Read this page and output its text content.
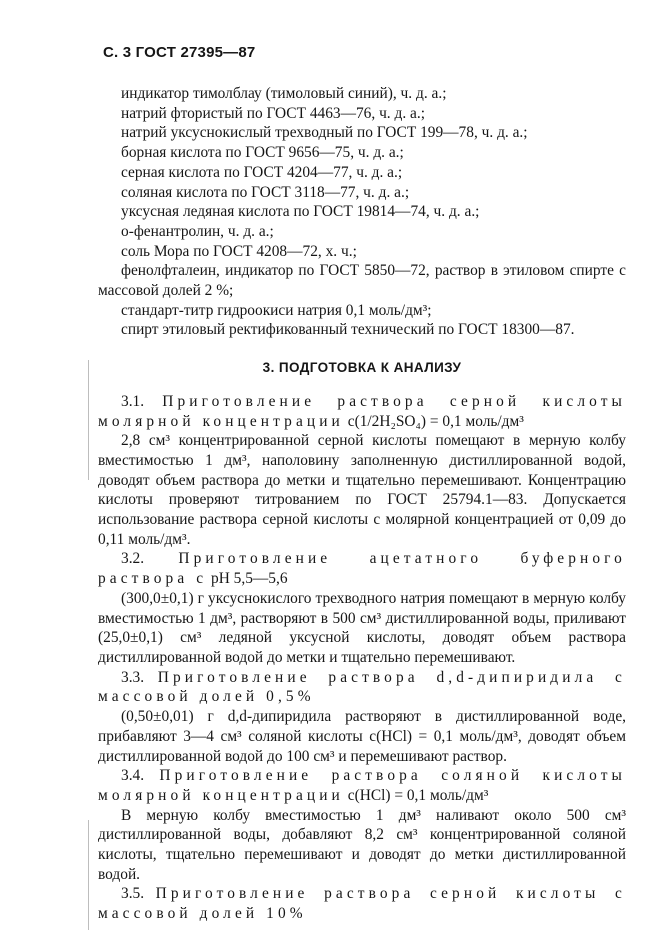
С. 3 ГОСТ 27395—87

индикатор тимолблау (тимоловый синий), ч. д. а.;

натрий фтористый по ГОСТ 4463—76, ч. д. а.;

натрий уксуснокислый трехводный по ГОСТ 199—78, ч. д. а.;

борная кислота по ГОСТ 9656—75, ч. д. а.;

серная кислота по ГОСТ 4204—77, ч. д. а.;

соляная кислота по ГОСТ 3118—77, ч. д. а.;

уксусная ледяная кислота по ГОСТ 19814—74, ч. д. а.;

о-фенантролин, ч. д. а.;

соль Мора по ГОСТ 4208—72, х. ч.;

фенолфталеин, индикатор по ГОСТ 5850—72, раствор в этиловом спирте с массовой долей 2 %;

стандарт-титр гидроокиси натрия 0,1 моль/дм³;

спирт этиловый ректификованный технический по ГОСТ 18300—87.

3. ПОДГОТОВКА К АНАЛИЗУ

3.1. Приготовление раствора серной кислоты молярной концентрации c(1/2H₂SO₄) = 0,1 моль/дм³

2,8 см³ концентрированной серной кислоты помещают в мерную колбу вместимостью 1 дм³, наполовину заполненную дистиллированной водой, доводят объем раствора до метки и тщательно перемешивают. Концентрацию кислоты проверяют титрованием по ГОСТ 25794.1—83. Допускается использование раствора серной кислоты с молярной концентрацией от 0,09 до 0,11 моль/дм³.

3.2. Приготовление ацетатного буферного раствора с pH 5,5—5,6

(300,0±0,1) г уксуснокислого трехводного натрия помещают в мерную колбу вместимостью 1 дм³, растворяют в 500 см³ дистиллированной воды, приливают (25,0±0,1) см³ ледяной уксусной кислоты, доводят объем раствора дистиллированной водой до метки и тщательно перемешивают.

3.3. Приготовление раствора d,d-дипиридила с массовой долей 0,5%

(0,50±0,01) г d,d-дипиридила растворяют в дистиллированной воде, прибавляют 3—4 см³ соляной кислоты c(HCl) = 0,1 моль/дм³, доводят объем дистиллированной водой до 100 см³ и перемешивают раствор.

3.4. Приготовление раствора соляной кислоты молярной концентрации c(HCl) = 0,1 моль/дм³

В мерную колбу вместимостью 1 дм³ наливают около 500 см³ дистиллированной воды, добавляют 8,2 см³ концентрированной соляной кислоты, тщательно перемешивают и доводят до метки дистиллированной водой.

3.5. Приготовление раствора серной кислоты с массовой долей 10%
